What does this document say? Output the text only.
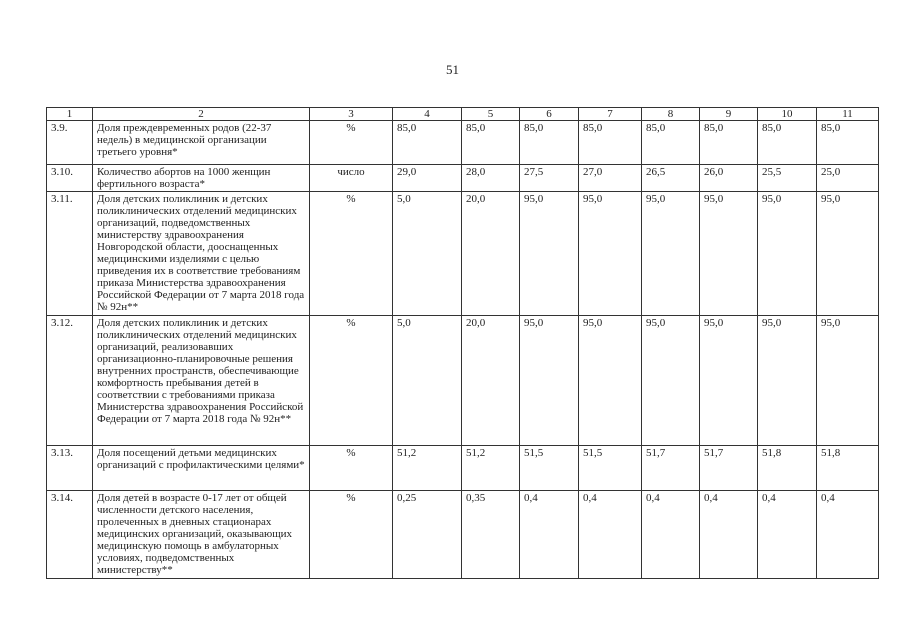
51
1	2	3	4	5	6	7	8	9	10	11
3.9.	Доля преждевременных родов (22-37 недель) в медицинской организации третьего уровня*	%	85,0	85,0	85,0	85,0	85,0	85,0	85,0	85,0
3.10.	Количество абортов на 1000 женщин фертильного возраста*	число	29,0	28,0	27,5	27,0	26,5	26,0	25,5	25,0
3.11.	Доля детских поликлиник и детских поликлинических отделений медицинских организаций, подведомственных министерству здравоохранения Новгородской области, дооснащенных медицинскими изделиями с целью приведения их в соответствие требованиям приказа Министерства здравоохранения Российской Федерации от 7 марта 2018 года № 92н**	%	5,0	20,0	95,0	95,0	95,0	95,0	95,0	95,0
3.12.	Доля детских поликлиник и детских поликлинических отделений медицинских организаций, реализовавших организационно-планировочные решения внутренних пространств, обеспечивающие комфортность пребывания детей в соответствии с требованиями приказа Министерства здравоохранения Российской Федерации от 7 марта 2018 года № 92н**	%	5,0	20,0	95,0	95,0	95,0	95,0	95,0	95,0
3.13.	Доля посещений детьми медицинских организаций с профилактическими целями*	%	51,2	51,2	51,5	51,5	51,7	51,7	51,8	51,8
3.14.	Доля детей в возрасте 0-17 лет от общей численности детского населения, пролеченных в дневных стационарах медицинских организаций, оказывающих медицинскую помощь в амбулаторных условиях, подведомственных министерству**	%	0,25	0,35	0,4	0,4	0,4	0,4	0,4	0,4
